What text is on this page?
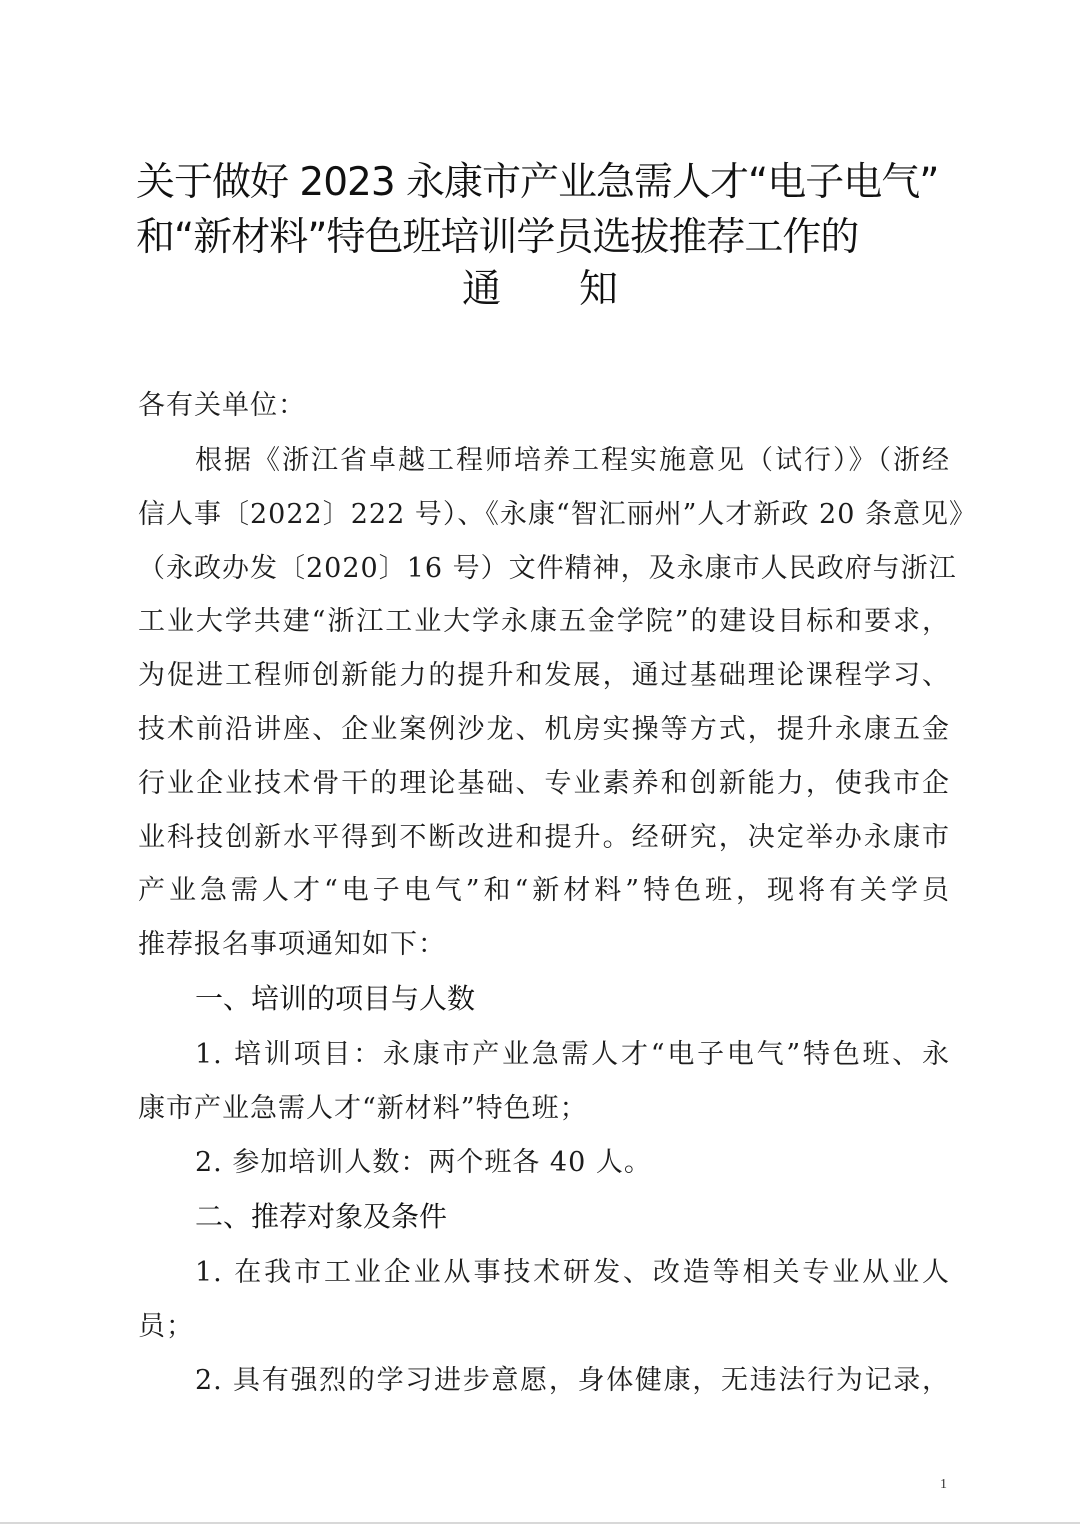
关于做好 2023 永康市产业急需人才“电子电气”
和“新材料”特色班培训学员选拔推荐工作的
通 知
各有关单位：
根据《浙江省卓越工程师培养工程实施意见（试行）》（浙经
信人事〔2022〕222 号）、《永康“智汇丽州”人才新政 20 条意见》
（永政办发〔2020〕16 号）文件精神，及永康市人民政府与浙江
工业大学共建“浙江工业大学永康五金学院”的建设目标和要求，
为促进工程师创新能力的提升和发展，通过基础理论课程学习、
技术前沿讲座、企业案例沙龙、机房实操等方式，提升永康五金
行业企业技术骨干的理论基础、专业素养和创新能力，使我市企
业科技创新水平得到不断改进和提升。经研究，决定举办永康市
产业急需人才“电子电气”和“新材料”特色班，现将有关学员
推荐报名事项通知如下：
一、培训的项目与人数
1. 培训项目：永康市产业急需人才“电子电气”特色班、永
康市产业急需人才“新材料”特色班；
2. 参加培训人数：两个班各 40 人。
二、推荐对象及条件
1. 在我市工业企业从事技术研发、改造等相关专业从业人
员；
2. 具有强烈的学习进步意愿，身体健康，无违法行为记录，
1
